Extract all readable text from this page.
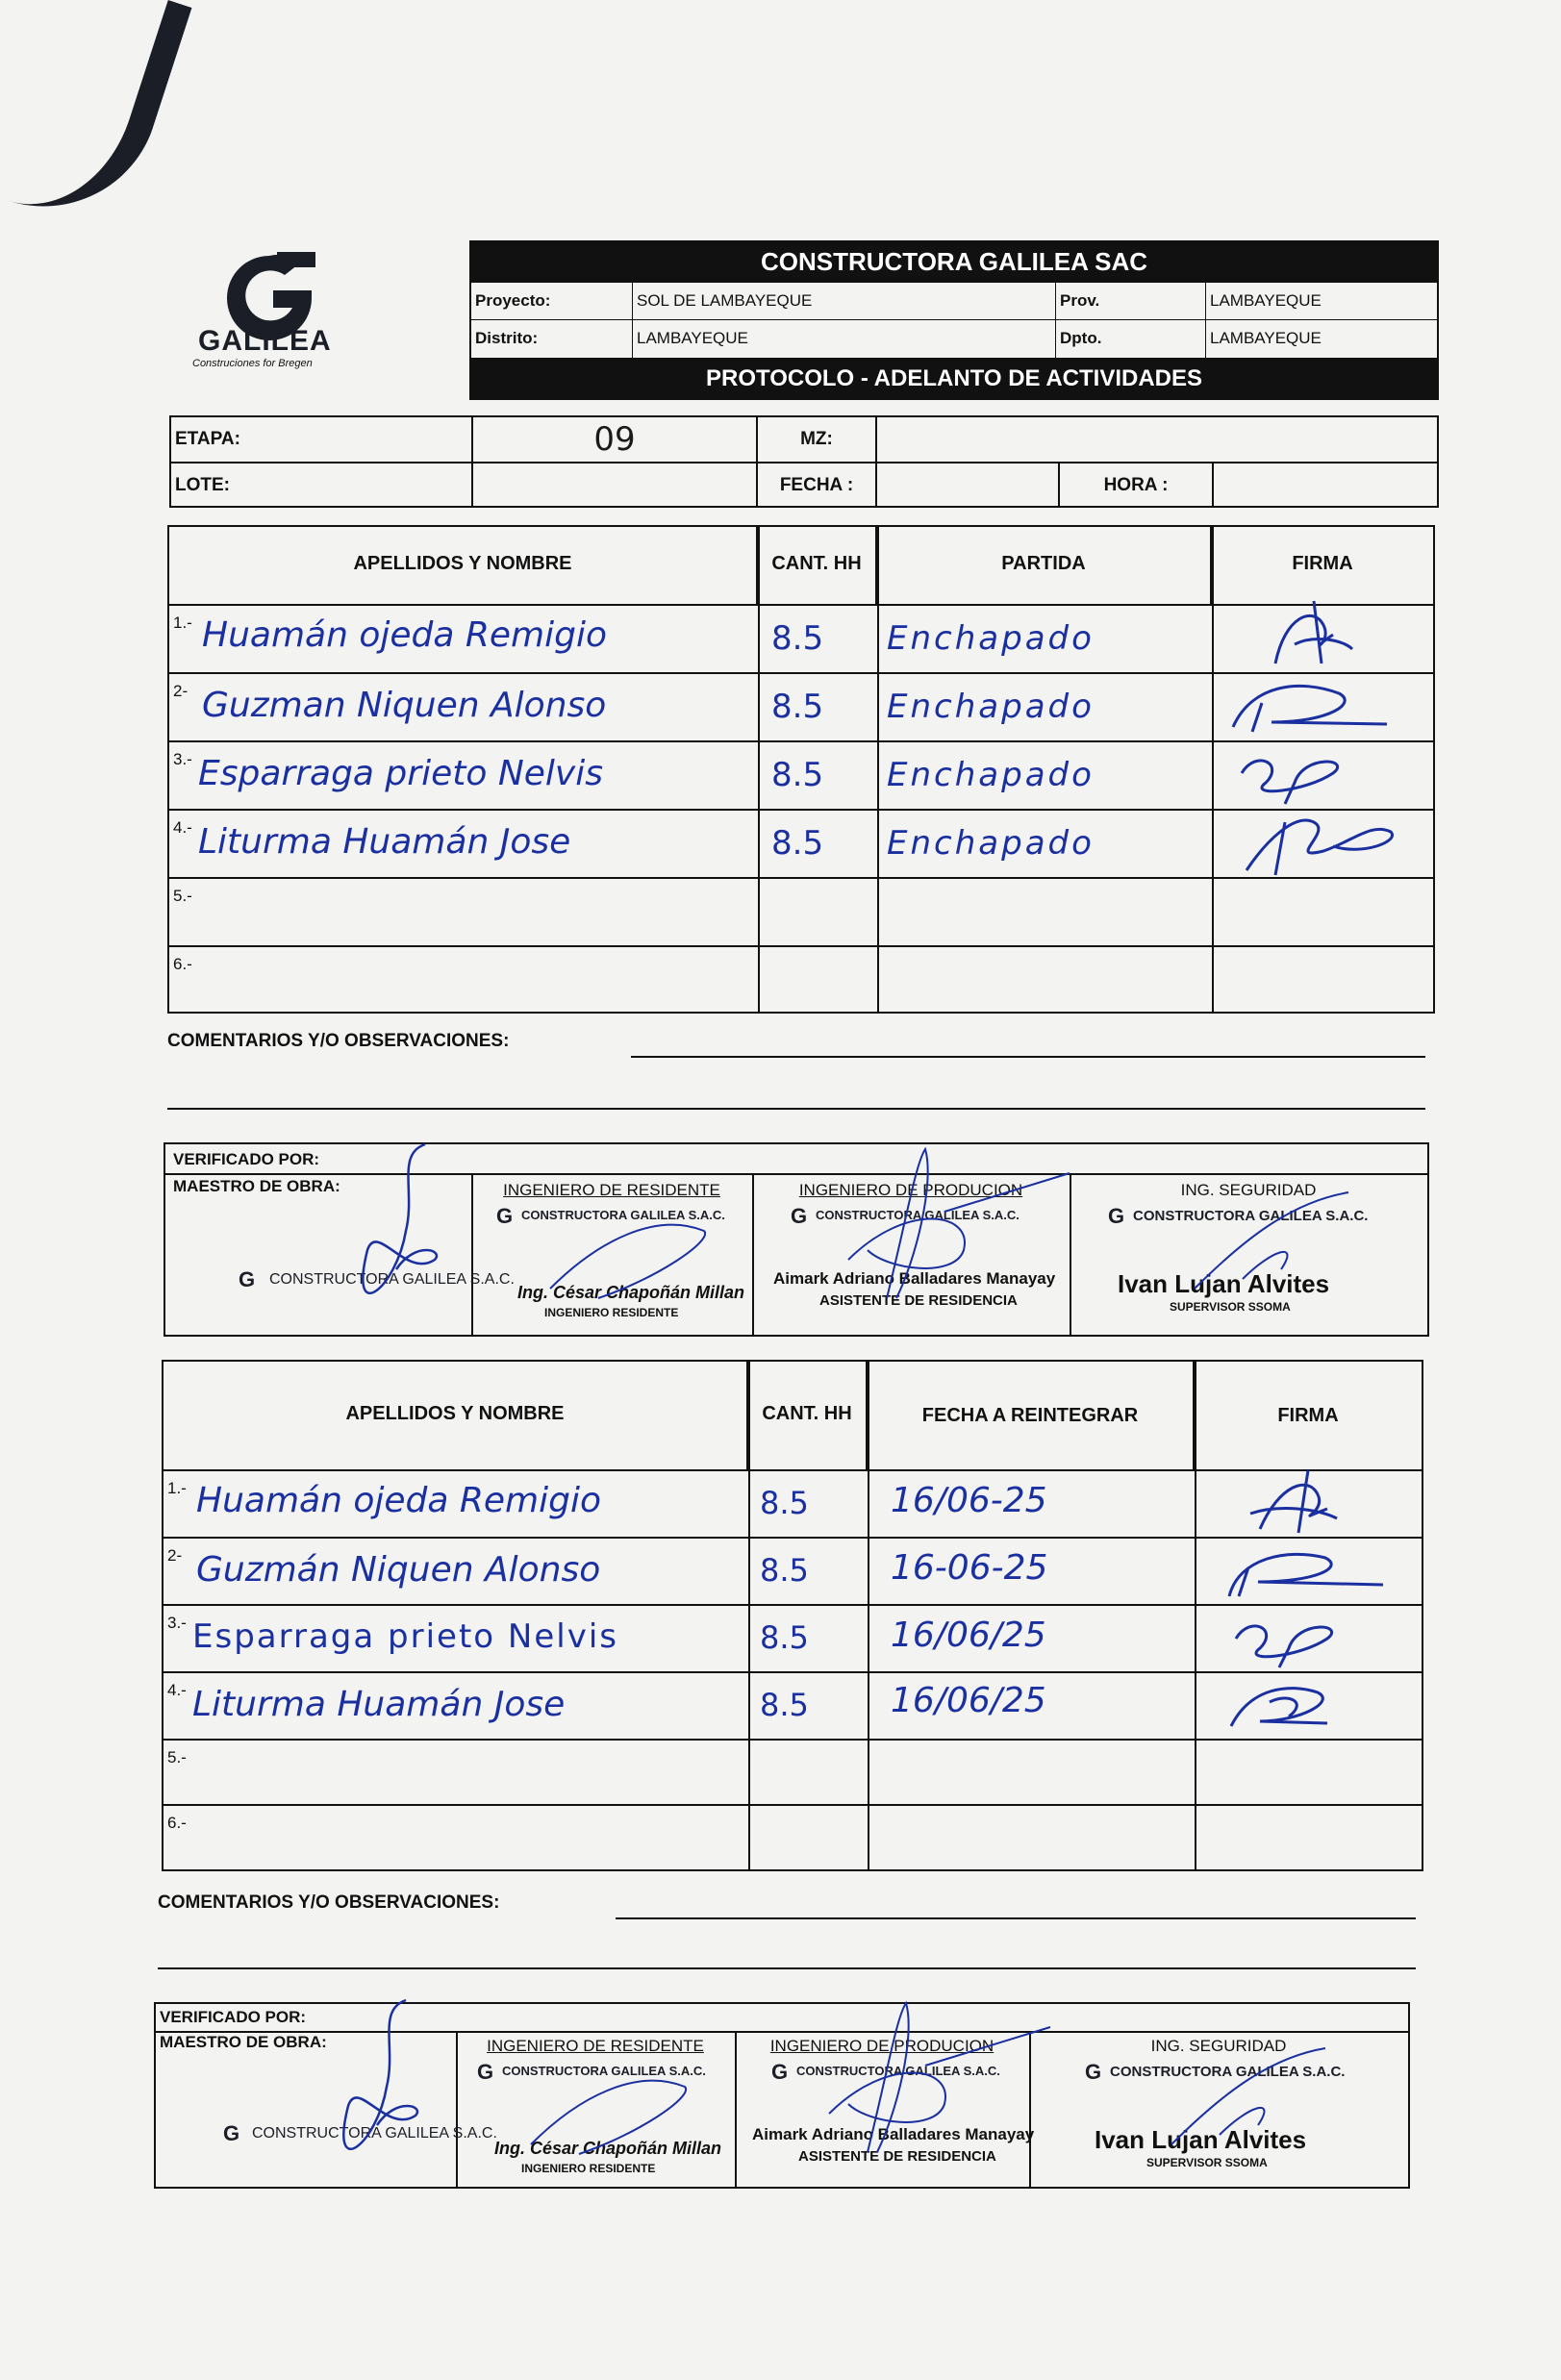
GALILEA
Construciones for Bregen
CONSTRUCTORA GALILEA SAC
Proyecto:	SOL DE LAMBAYEQUE	Prov.	LAMBAYEQUE
Distrito:	LAMBAYEQUE	Dpto.	LAMBAYEQUE
PROTOCOLO - ADELANTO DE ACTIVIDADES
ETAPA:	09	MZ:
LOTE:	FECHA :	HORA :
APELLIDOS Y NOMBRE	CANT. HH	PARTIDA	FIRMA
1.- Huamán ojeda Remigio	8.5 Enchapado
2- Guzman Niquen Alonso	8.5 Enchapado
3.- Esparraga prieto Nelvis	8.5 Enchapado
4.- Liturma Huamán Jose	8.5 Enchapado
5.-
6.-
COMENTARIOS Y/O OBSERVACIONES:
VERIFICADO POR:
MAESTRO DE OBRA:
G CONSTRUCTORA GALILEA S.A.C.
INGENIERO DE RESIDENTE
G CONSTRUCTORA GALILEA S.A.C.
Ing. César Chapoñán Millan
INGENIERO RESIDENTE
INGENIERO DE PRODUCION
G CONSTRUCTORA GALILEA S.A.C.
Aimark Adriano Balladares Manayay
ASISTENTE DE RESIDENCIA
ING. SEGURIDAD
G CONSTRUCTORA GALILEA S.A.C.
Ivan Lujan Alvites
SUPERVISOR SSOMA
APELLIDOS Y NOMBRE	CANT. HH	FECHA A REINTEGRAR	FIRMA
1.- Huamán ojeda Remigio	8.5 16/06-25
2- Guzmán Niquen Alonso	8.5 16-06-25
3.- Esparraga prieto Nelvis	8.5 16/06/25
4.- Liturma Huamán Jose	8.5 16/06/25
5.-
6.-
COMENTARIOS Y/O OBSERVACIONES:
VERIFICADO POR:
MAESTRO DE OBRA:
G CONSTRUCTORA GALILEA S.A.C.
INGENIERO DE RESIDENTE
G CONSTRUCTORA GALILEA S.A.C.
Ing. César Chapoñán Millan
INGENIERO RESIDENTE
INGENIERO DE PRODUCION
G CONSTRUCTORA GALILEA S.A.C.
Aimark Adriano Balladares Manayay
ASISTENTE DE RESIDENCIA
ING. SEGURIDAD
G CONSTRUCTORA GALILEA S.A.C.
Ivan Lujan Alvites
SUPERVISOR SSOMA
